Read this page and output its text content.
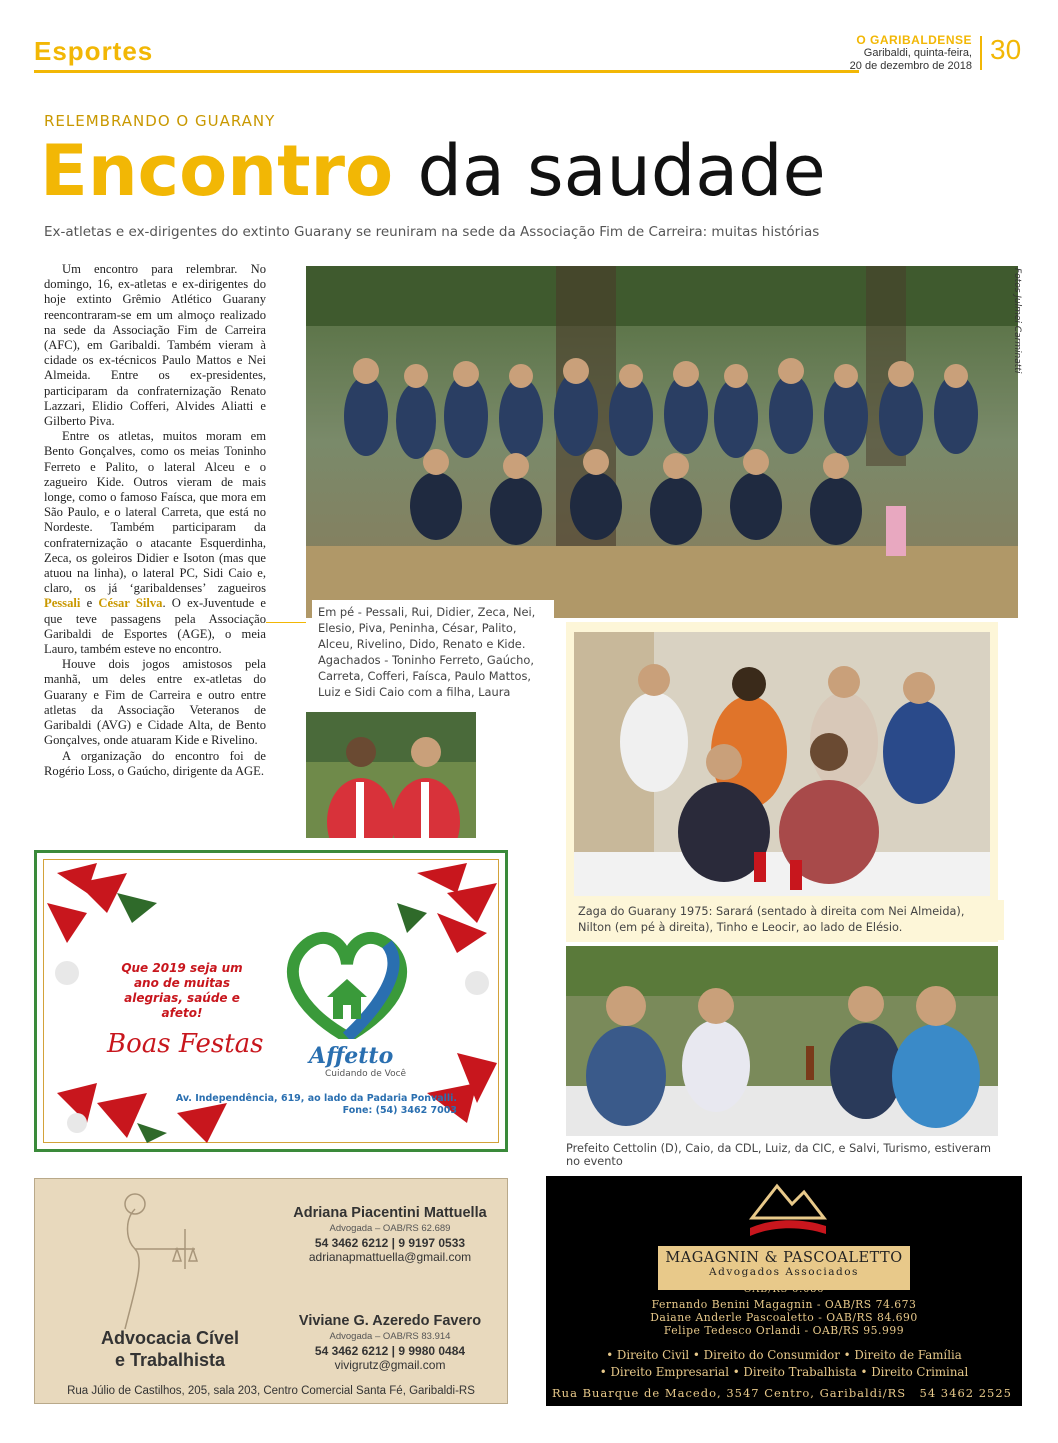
Esportes	O GARIBALDENSE
Garibaldi, quinta-feira,
20 de dezembro de 2018
30
RELEMBRANDO O GUARANY
Encontro da saudade
Ex-atletas e ex-dirigentes do extinto Guarany se reuniram na sede da Associação Fim de Carreira: muitas histórias

Um encontro para relembrar. No domingo, 16, ex-atletas e ex-dirigentes do hoje extinto Grêmio Atlético Guarany reencontraram-se em um almoço realizado na sede da Associação Fim de Carreira (AFC), em Garibaldi. Também vieram à cidade os ex-técnicos Paulo Mattos e Nei Almeida. Entre os ex-presidentes, participaram da confraternização Renato Lazzari, Elidio Cofferi, Alvides Aliatti e Gilberto Piva.

Entre os atletas, muitos moram em Bento Gonçalves, como os meias Toninho Ferreto e Palito, o lateral Alceu e o zagueiro Kide. Outros vieram de mais longe, como o famoso Faísca, que mora em São Paulo, e o lateral Carreta, que está no Nordeste. Também participaram da confraternização o atacante Esquerdinha, Zeca, os goleiros Didier e Isoton (mas que atuou na linha), o lateral PC, Sidi Caio e, claro, os já ‘garibaldenses’ zagueiros Pessali e César Silva. O ex-Juventude e que teve passagens pela Associação Garibaldi de Esportes (AGE), o meia Lauro, também esteve no encontro.

Houve dois jogos amistosos pela manhã, um deles entre ex-atletas do Guarany e Fim de Carreira e outro entre atletas da Associação Veteranos de Garibaldi (AVG) e Cidade Alta, de Bento Gonçalves, onde atuaram Kide e Rivelino.

A organização do encontro foi de Rogério Loss, o Gaúcho, dirigente da AGE.

Fotos Julmei Carminatti
Em pé - Pessali, Rui, Didier, Zeca, Nei, Elesio, Piva, Peninha, César, Palito, Alceu, Rivelino, Dido, Renato e Kide. Agachados - Toninho Ferreto, Gaúcho, Carreta, Cofferi, Faísca, Paulo Mattos, Luiz e Sidi Caio com a filha, Laura
Zaga do Guarany 1975: Sarará (sentado à direita com Nei Almeida), Nilton (em pé à direita), Tinho e Leocir, ao lado de Elésio.
Prefeito Cettolin (D), Caio, da CDL, Luiz, da CIC, e Salvi, Turismo, estiveram no evento
Que 2019 seja um ano de muitas alegrias, saúde e afeto!
Boas Festas Affetto
Cuidando de Você
Av. Independência, 619, ao lado da Padaria Ponvalli.
Fone: (54) 3462 7003
Adriana Piacentini Mattuella
Advogada – OAB/RS 62.689
54 3462 6212 | 9 9197 0533
adrianapmattuella@gmail.com
Viviane G. Azeredo Favero
Advogada – OAB/RS 83.914
54 3462 6212 | 9 9980 0484
vivigrutz@gmail.com
Advocacia Cível
e Trabalhista
Rua Júlio de Castilhos, 205, sala 203, Centro Comercial Santa Fé, Garibaldi-RS
MAGAGNIN & PASCOALETTO
Advogados Associados
OAB/RS 6.086
Fernando Benini Magagnin - OAB/RS 74.673
Daiane Anderle Pascoaletto - OAB/RS 84.690
Felipe Tedesco Orlandi - OAB/RS 95.999
• Direito Civil • Direito do Consumidor • Direito de Família
• Direito Empresarial • Direito Trabalhista • Direito Criminal
Rua Buarque de Macedo, 3547 Centro, Garibaldi/RS 54 3462 2525
